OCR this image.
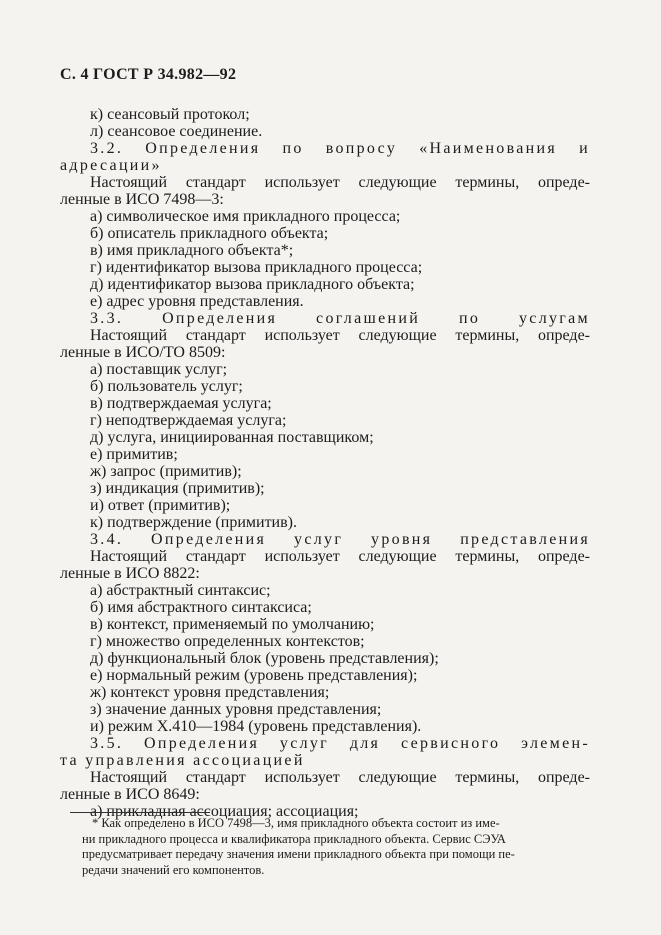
С. 4 ГОСТ Р 34.982—92
к) сеансовый протокол;
л) сеансовое соединение.
3.2. Определения по вопросу «Наименования и
адресации»
Настоящий стандарт использует следующие термины, опреде-
ленные в ИСО 7498—3:
а) символическое имя прикладного процесса;
б) описатель прикладного объекта;
в) имя прикладного объекта*;
г) идентификатор вызова прикладного процесса;
д) идентификатор вызова прикладного объекта;
е) адрес уровня представления.
3.3. Определения соглашений по услугам
Настоящий стандарт использует следующие термины, опреде-
ленные в ИСО/ТО 8509:
а) поставщик услуг;
б) пользователь услуг;
в) подтверждаемая услуга;
г) неподтверждаемая услуга;
д) услуга, инициированная поставщиком;
е) примитив;
ж) запрос (примитив);
з) индикация (примитив);
и) ответ (примитив);
к) подтверждение (примитив).
3.4. Определения услуг уровня представления
Настоящий стандарт использует следующие термины, опреде-
ленные в ИСО 8822:
а) абстрактный синтаксис;
б) имя абстрактного синтаксиса;
в) контекст, применяемый по умолчанию;
г) множество определенных контекстов;
д) функциональный блок (уровень представления);
е) нормальный режим (уровень представления);
ж) контекст уровня представления;
з) значение данных уровня представления;
и) режим Х.410—1984 (уровень представления).
3.5. Определения услуг для сервисного элемен-
та управления ассоциацией
Настоящий стандарт использует следующие термины, опреде-
ленные в ИСО 8649:
а) прикладная ассоциация; ассоциация;
* Как определено в ИСО 7498—3, имя прикладного объекта состоит из име-
ни прикладного процесса и квалификатора прикладного объекта. Сервис СЭУА
предусматривает передачу значения имени прикладного объекта при помощи пе-
редачи значений его компонентов.
